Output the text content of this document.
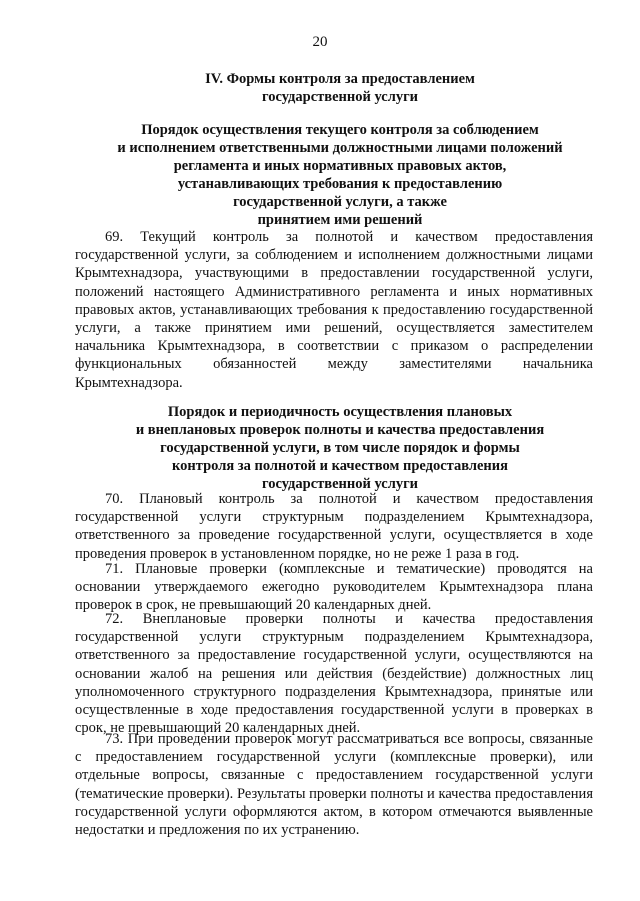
20
IV. Формы контроля за предоставлением
государственной услуги
Порядок осуществления текущего контроля за соблюдением
и исполнением ответственными должностными лицами положений
регламента и иных нормативных правовых актов,
устанавливающих требования к предоставлению
государственной услуги, а также
принятием ими решений
69. Текущий контроль за полнотой и качеством предоставления государственной услуги, за соблюдением и исполнением должностными лицами Крымтехнадзора, участвующими в предоставлении государственной услуги, положений настоящего Административного регламента и иных нормативных правовых актов, устанавливающих требования к предоставлению государственной услуги, а также принятием ими решений, осуществляется заместителем начальника Крымтехнадзора, в соответствии с приказом о распределении функциональных обязанностей между заместителями начальника Крымтехнадзора.
Порядок и периодичность осуществления плановых
и внеплановых проверок полноты и качества предоставления
государственной услуги, в том числе порядок и формы
контроля за полнотой и качеством предоставления
государственной услуги
70. Плановый контроль за полнотой и качеством предоставления государственной услуги структурным подразделением Крымтехнадзора, ответственного за проведение государственной услуги, осуществляется в ходе проведения проверок в установленном порядке, но не реже 1 раза в год.
71. Плановые проверки (комплексные и тематические) проводятся на основании утверждаемого ежегодно руководителем Крымтехнадзора плана проверок в срок, не превышающий 20 календарных дней.
72. Внеплановые проверки полноты и качества предоставления государственной услуги структурным подразделением Крымтехнадзора, ответственного за предоставление государственной услуги, осуществляются на основании жалоб на решения или действия (бездействие) должностных лиц уполномоченного структурного подразделения Крымтехнадзора, принятые или осуществленные в ходе предоставления государственной услуги в проверках в срок, не превышающий 20 календарных дней.
73. При проведении проверок могут рассматриваться все вопросы, связанные с предоставлением государственной услуги (комплексные проверки), или отдельные вопросы, связанные с предоставлением государственной услуги (тематические проверки). Результаты проверки полноты и качества предоставления государственной услуги оформляются актом, в котором отмечаются выявленные недостатки и предложения по их устранению.
